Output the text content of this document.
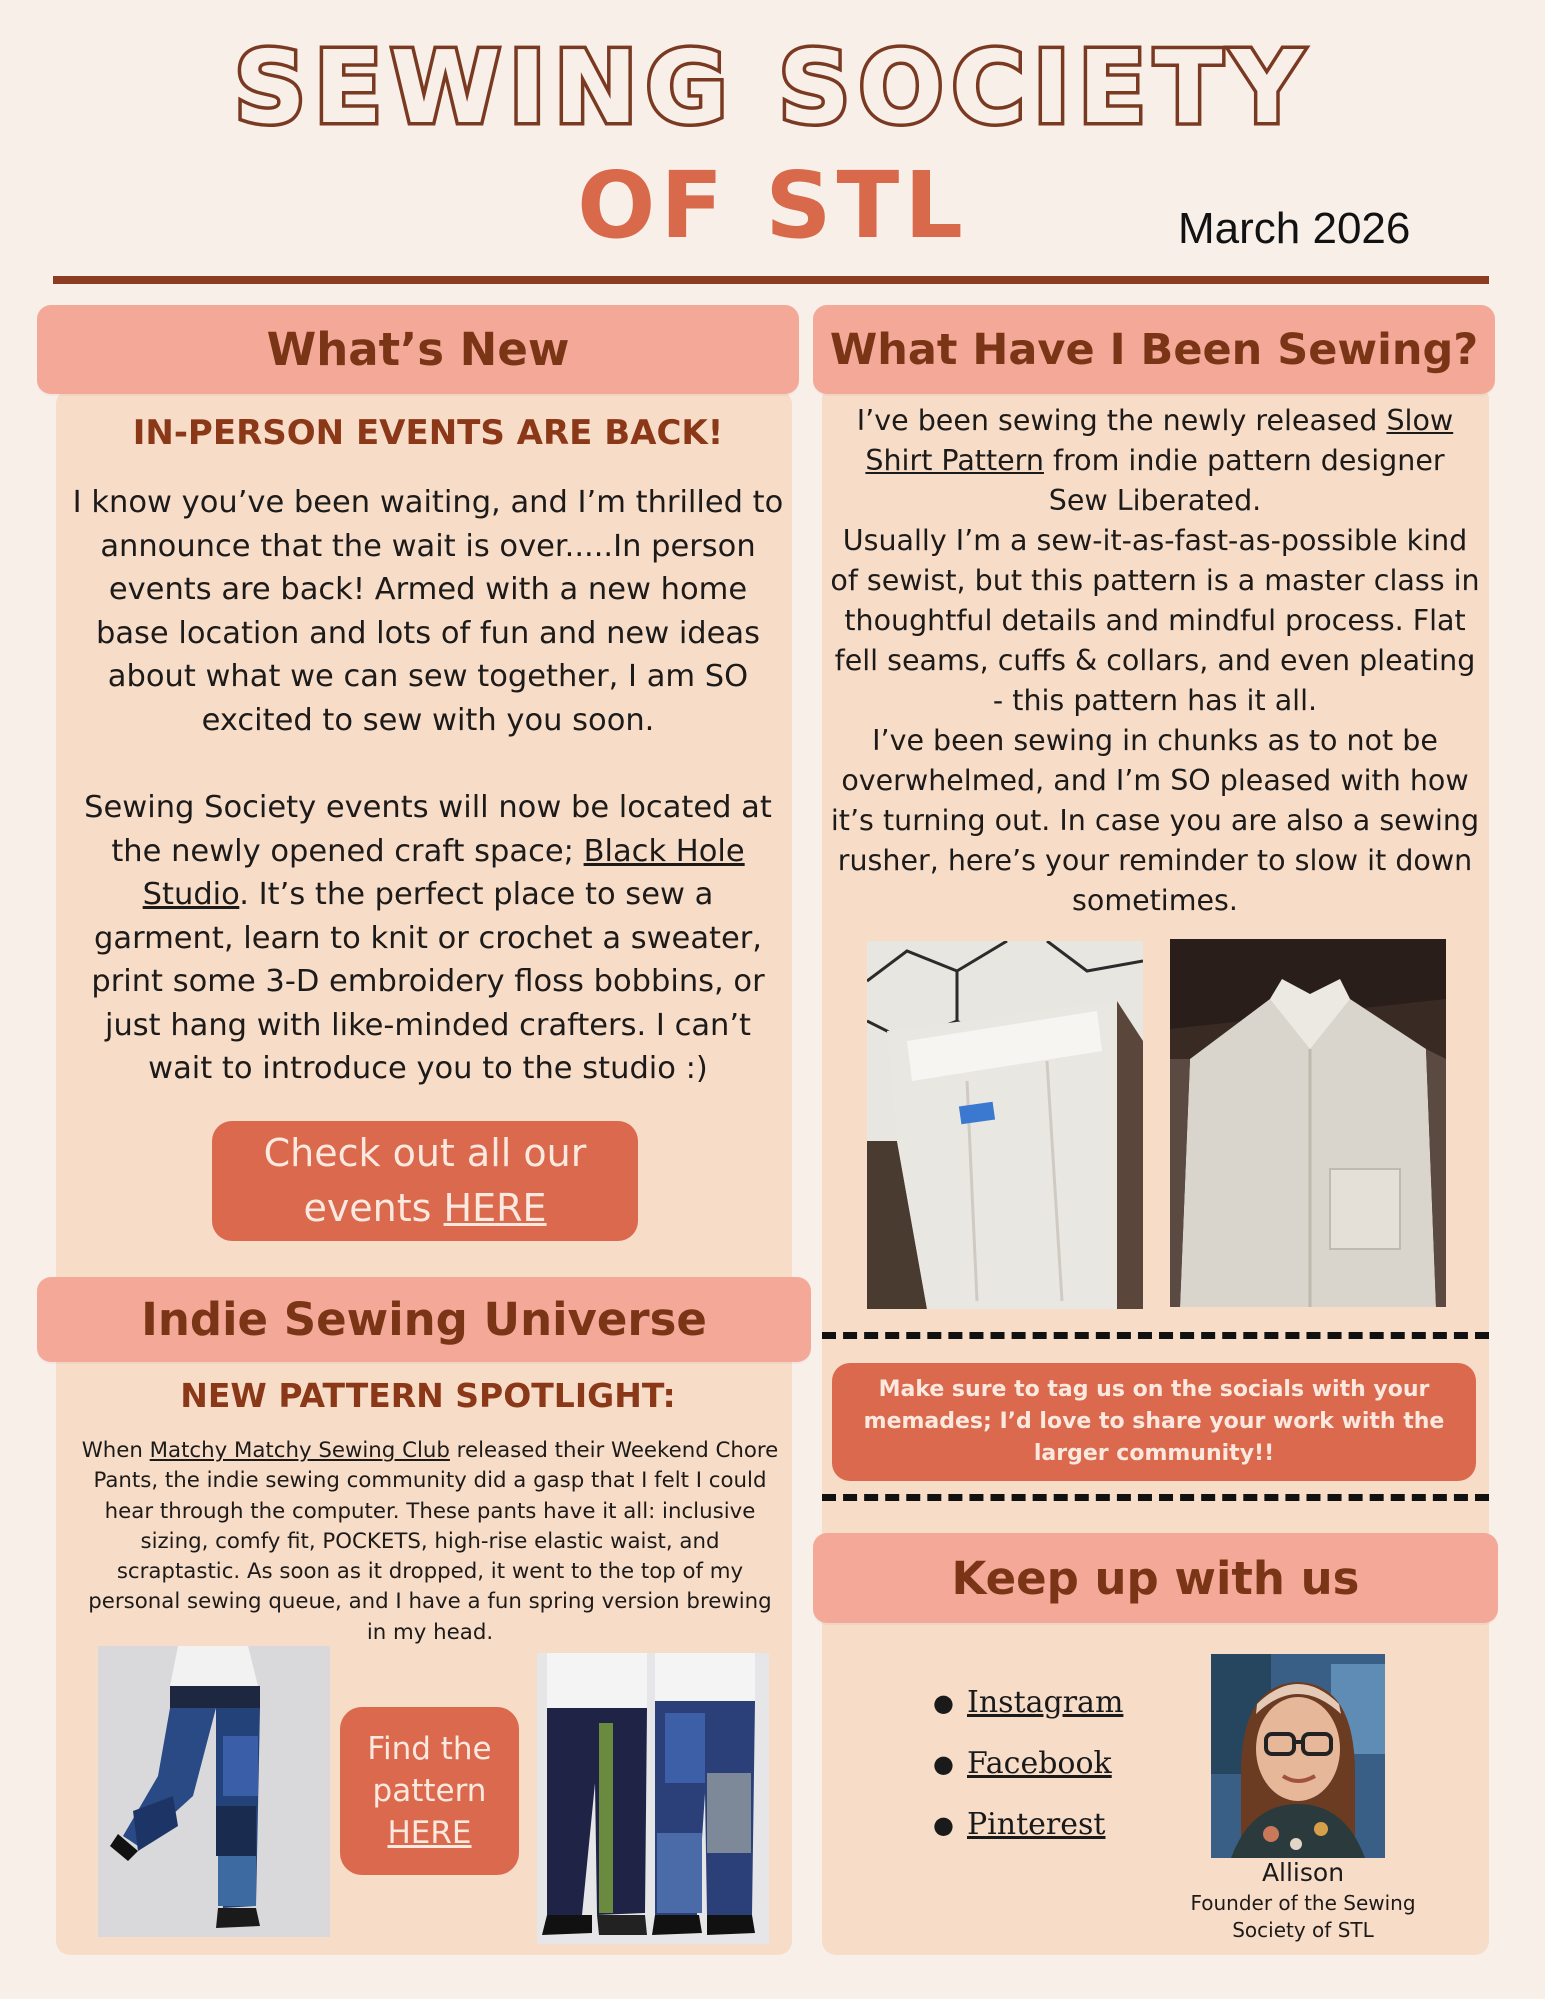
SEWING SOCIETY
OF STL	March 2026
What’s New
IN-PERSON EVENTS ARE BACK!
I know you’ve been waiting, and I’m thrilled to announce that the wait is over.....In person events are back! Armed with a new home base location and lots of fun and new ideas about what we can sew together, I am SO excited to sew with you soon.
Sewing Society events will now be located at the newly opened craft space; Black Hole Studio. It’s the perfect place to sew a garment, learn to knit or crochet a sweater, print some 3-D embroidery floss bobbins, or just hang with like-minded crafters. I can’t wait to introduce you to the studio :)
Check out all our events HERE
Indie Sewing Universe
NEW PATTERN SPOTLIGHT:
When Matchy Matchy Sewing Club released their Weekend Chore Pants, the indie sewing community did a gasp that I felt I could hear through the computer. These pants have it all: inclusive sizing, comfy fit, POCKETS, high-rise elastic waist, and scraptastic. As soon as it dropped, it went to the top of my personal sewing queue, and I have a fun spring version brewing in my head.
Find the pattern HERE
What Have I Been Sewing?
I’ve been sewing the newly released Slow Shirt Pattern from indie pattern designer Sew Liberated.
Usually I’m a sew-it-as-fast-as-possible kind of sewist, but this pattern is a master class in thoughtful details and mindful process. Flat fell seams, cuffs & collars, and even pleating - this pattern has it all.
I’ve been sewing in chunks as to not be overwhelmed, and I’m SO pleased with how it’s turning out. In case you are also a sewing rusher, here’s your reminder to slow it down sometimes.
Make sure to tag us on the socials with your memades; I’d love to share your work with the larger community!!
Keep up with us
● Instagram
● Facebook
● Pinterest
Allison
Founder of the Sewing Society of STL
